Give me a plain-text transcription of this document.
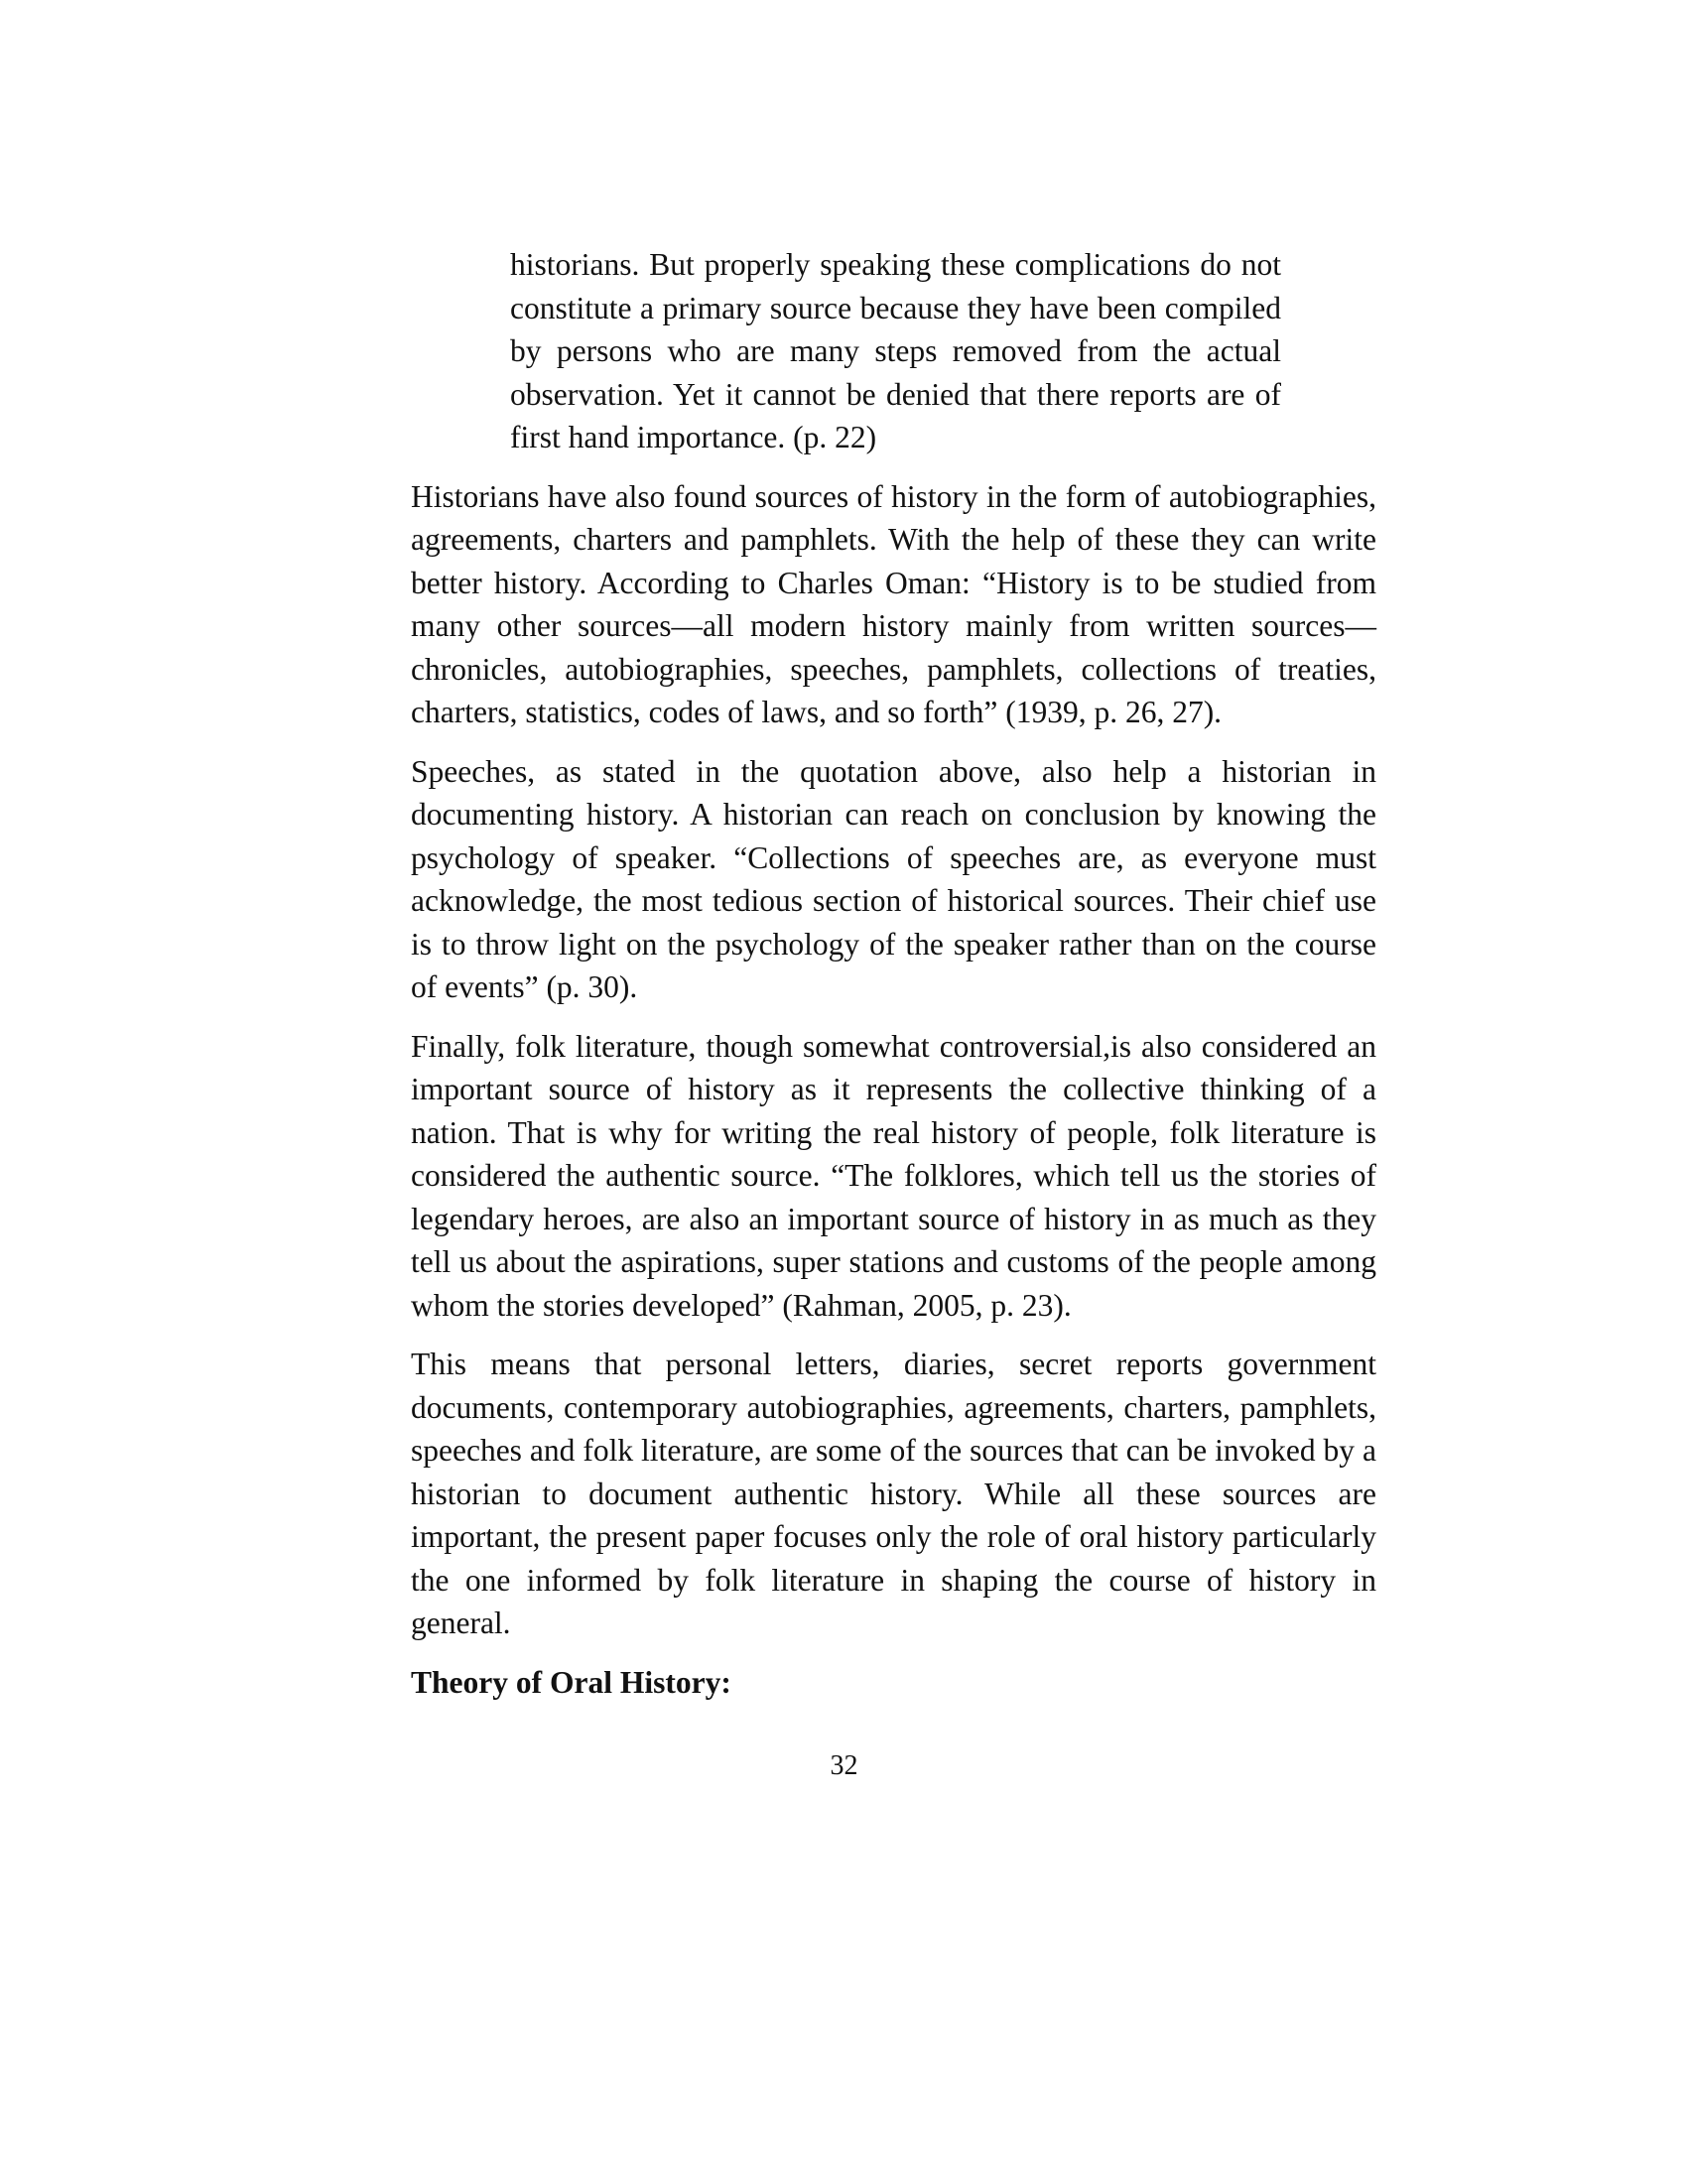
historians. But properly speaking these complications do not constitute a primary source because they have been compiled by persons who are many steps removed from the actual observation. Yet it cannot be denied that there reports are of first hand importance. (p. 22)

Historians have also found sources of history in the form of autobiographies, agreements, charters and pamphlets. With the help of these they can write better history. According to Charles Oman: “History is to be studied from many other sources—all modern history mainly from written sources—chronicles, autobiographies, speeches, pamphlets, collections of treaties, charters, statistics, codes of laws, and so forth” (1939, p. 26, 27).

Speeches, as stated in the quotation above, also help a historian in documenting history. A historian can reach on conclusion by knowing the psychology of speaker. “Collections of speeches are, as everyone must acknowledge, the most tedious section of historical sources. Their chief use is to throw light on the psychology of the speaker rather than on the course of events” (p. 30).

Finally, folk literature, though somewhat controversial,is also considered an important source of history as it represents the collective thinking of a nation. That is why for writing the real history of people, folk literature is considered the authentic source. “The folklores, which tell us the stories of legendary heroes, are also an important source of history in as much as they tell us about the aspirations, super stations and customs of the people among whom the stories developed” (Rahman, 2005, p. 23).

This means that personal letters, diaries, secret reports government documents, contemporary autobiographies, agreements, charters, pamphlets, speeches and folk literature, are some of the sources that can be invoked by a historian to document authentic history. While all these sources are important, the present paper focuses only the role of oral history particularly the one informed by folk literature in shaping the course of history in general.

Theory of Oral History:
32
